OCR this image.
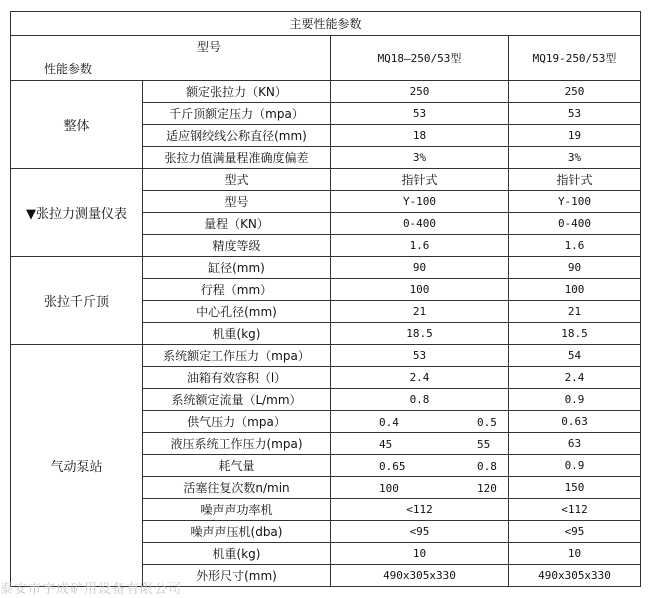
主要性能参数			

型号
性能参数		MQ18—250/53型	MQ19-250/53型
整体	额定张拉力（KN）	250	250
	千斤顶额定压力（mpa）	53	53
	适应钢绞线公称直径(mm)	18	19
	张拉力值满量程准确度偏差	3%	3%
▼张拉力测量仪表	型式	指针式	指针式
	型号	Y-100	Y-100
	量程（KN）	0-400	0-400
	精度等级	1.6	1.6
张拉千斤顶	缸径(mm)	90	90
	行程（mm）	100	100
	中心孔径(mm)	21	21
	机重(kg)	18.5	18.5
气动泵站	系统额定工作压力（mpa）	53	54
	油箱有效容积（l）	2.4	2.4
	系统额定流量（L/mm）	0.8	0.9
	供气压力（mpa）	0.4 0.5	0.63
	液压系统工作压力(mpa)	45 55	63
	耗气量	0.65 0.8	0.9
	活塞往复次数n/min	100 120	150
	噪声声功率机	<112	<112
	噪声声压机(dba)	<95	<95
	机重(kg)	10	10
	外形尺寸(mm)	490x305x330	490x305x330
泰安市宇成矿用设备有限公司
